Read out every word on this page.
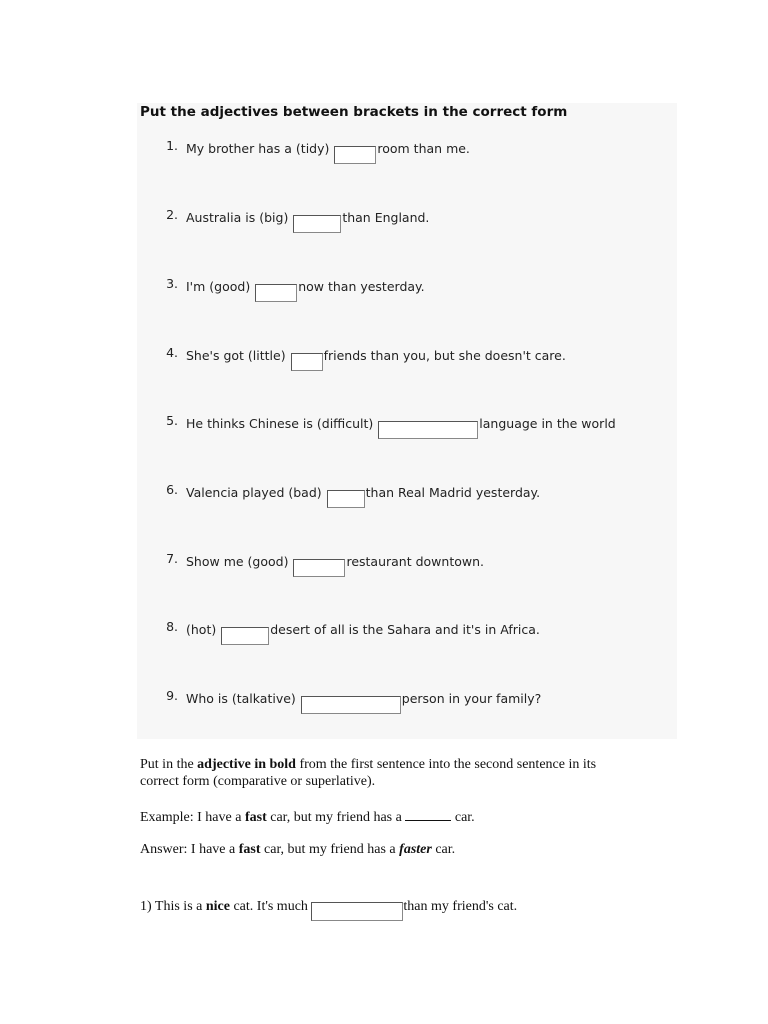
Put the adjectives between brackets in the correct form
1. My brother has a (tidy)
	room than me.
2. Australia is (big)
	than England.
3. I'm (good)
	now than yesterday.
4. She's got (little)
	friends than you, but she doesn't care.
5. He thinks Chinese is (difficult)
	language in the world
6. Valencia played (bad)
	than Real Madrid yesterday.
7. Show me (good)
	restaurant downtown.
8. (hot)
	desert of all is the Sahara and it's in Africa.
9. Who is (talkative)
	person in your family?
Put in the adjective in bold from the first sentence into the second sentence in its
correct form (comparative or superlative).
Example: I have a fast car, but my friend has a	car.
Answer: I have a fast car, but my friend has a faster car.
1) This is a nice cat. It's much	than my friend's cat.
